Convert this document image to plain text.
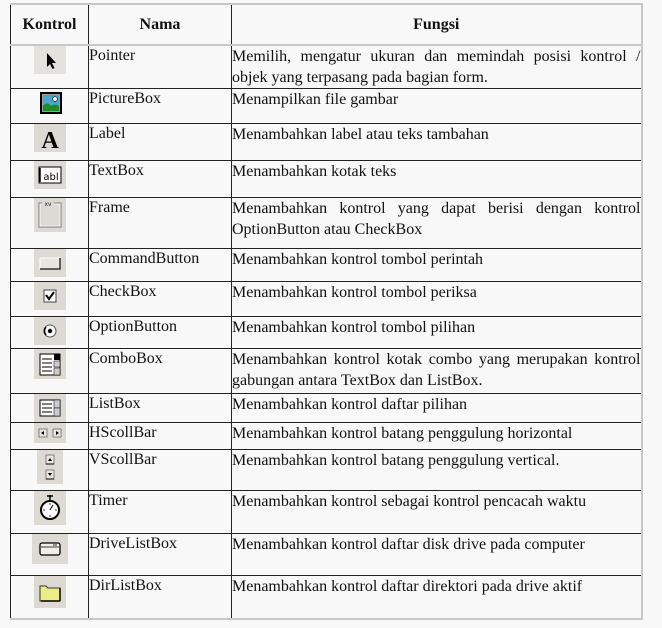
Kontrol	Nama	Fungsi

	Pointer	Memilih, mengatur ukuran dan memindah posisi kontrol / objek yang terpasang pada bagian form.

	PictureBox	Menampilkan file gambar

A	Label	Menambahkan label atau teks tambahan

abl	TextBox	Menambahkan kotak teks

xv	Frame	Menambahkan kontrol yang dapat berisi dengan kontrol OptionButton atau CheckBox

	CommandButton	Menambahkan kontrol tombol perintah

	CheckBox	Menambahkan kontrol tombol periksa

	OptionButton	Menambahkan kontrol tombol pilihan

	ComboBox	Menambahkan kontrol kotak combo yang merupakan kontrol gabungan antara TextBox dan ListBox.

	ListBox	Menambahkan kontrol daftar pilihan

	HScollBar	Menambahkan kontrol batang penggulung horizontal

	VScollBar	Menambahkan kontrol batang penggulung vertical.

	Timer	Menambahkan kontrol sebagai kontrol pencacah waktu

	DriveListBox	Menambahkan kontrol daftar disk drive pada computer

	DirListBox	Menambahkan kontrol daftar direktori pada drive aktif
